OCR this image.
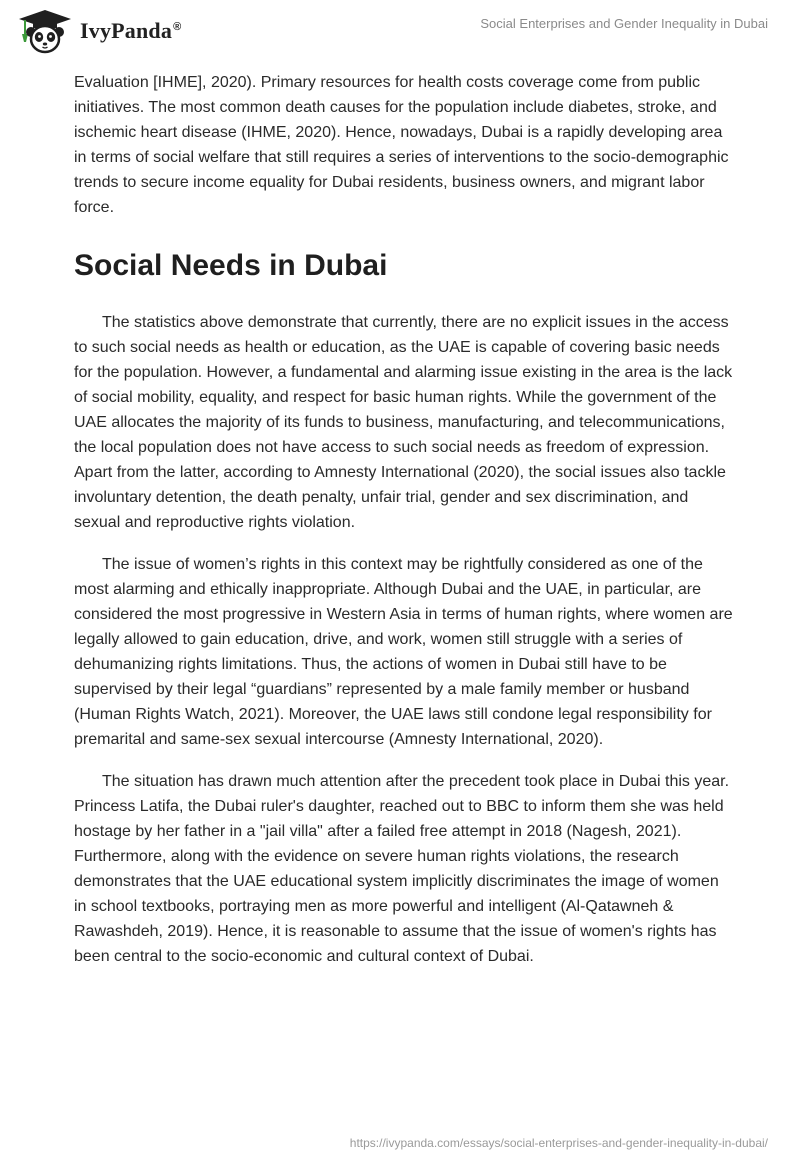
IvyPanda®	Social Enterprises and Gender Inequality in Dubai

Evaluation [IHME], 2020). Primary resources for health costs coverage come from public initiatives. The most common death causes for the population include diabetes, stroke, and ischemic heart disease (IHME, 2020). Hence, nowadays, Dubai is a rapidly developing area in terms of social welfare that still requires a series of interventions to the socio-demographic trends to secure income equality for Dubai residents, business owners, and migrant labor force.

Social Needs in Dubai

The statistics above demonstrate that currently, there are no explicit issues in the access to such social needs as health or education, as the UAE is capable of covering basic needs for the population. However, a fundamental and alarming issue existing in the area is the lack of social mobility, equality, and respect for basic human rights. While the government of the UAE allocates the majority of its funds to business, manufacturing, and telecommunications, the local population does not have access to such social needs as freedom of expression. Apart from the latter, according to Amnesty International (2020), the social issues also tackle involuntary detention, the death penalty, unfair trial, gender and sex discrimination, and sexual and reproductive rights violation.

The issue of women’s rights in this context may be rightfully considered as one of the most alarming and ethically inappropriate. Although Dubai and the UAE, in particular, are considered the most progressive in Western Asia in terms of human rights, where women are legally allowed to gain education, drive, and work, women still struggle with a series of dehumanizing rights limitations. Thus, the actions of women in Dubai still have to be supervised by their legal “guardians” represented by a male family member or husband (Human Rights Watch, 2021). Moreover, the UAE laws still condone legal responsibility for premarital and same-sex sexual intercourse (Amnesty International, 2020).

The situation has drawn much attention after the precedent took place in Dubai this year. Princess Latifa, the Dubai ruler's daughter, reached out to BBC to inform them she was held hostage by her father in a "jail villa" after a failed free attempt in 2018 (Nagesh, 2021). Furthermore, along with the evidence on severe human rights violations, the research demonstrates that the UAE educational system implicitly discriminates the image of women in school textbooks, portraying men as more powerful and intelligent (Al-Qatawneh & Rawashdeh, 2019). Hence, it is reasonable to assume that the issue of women's rights has been central to the socio-economic and cultural context of Dubai.

https://ivypanda.com/essays/social-enterprises-and-gender-inequality-in-dubai/
